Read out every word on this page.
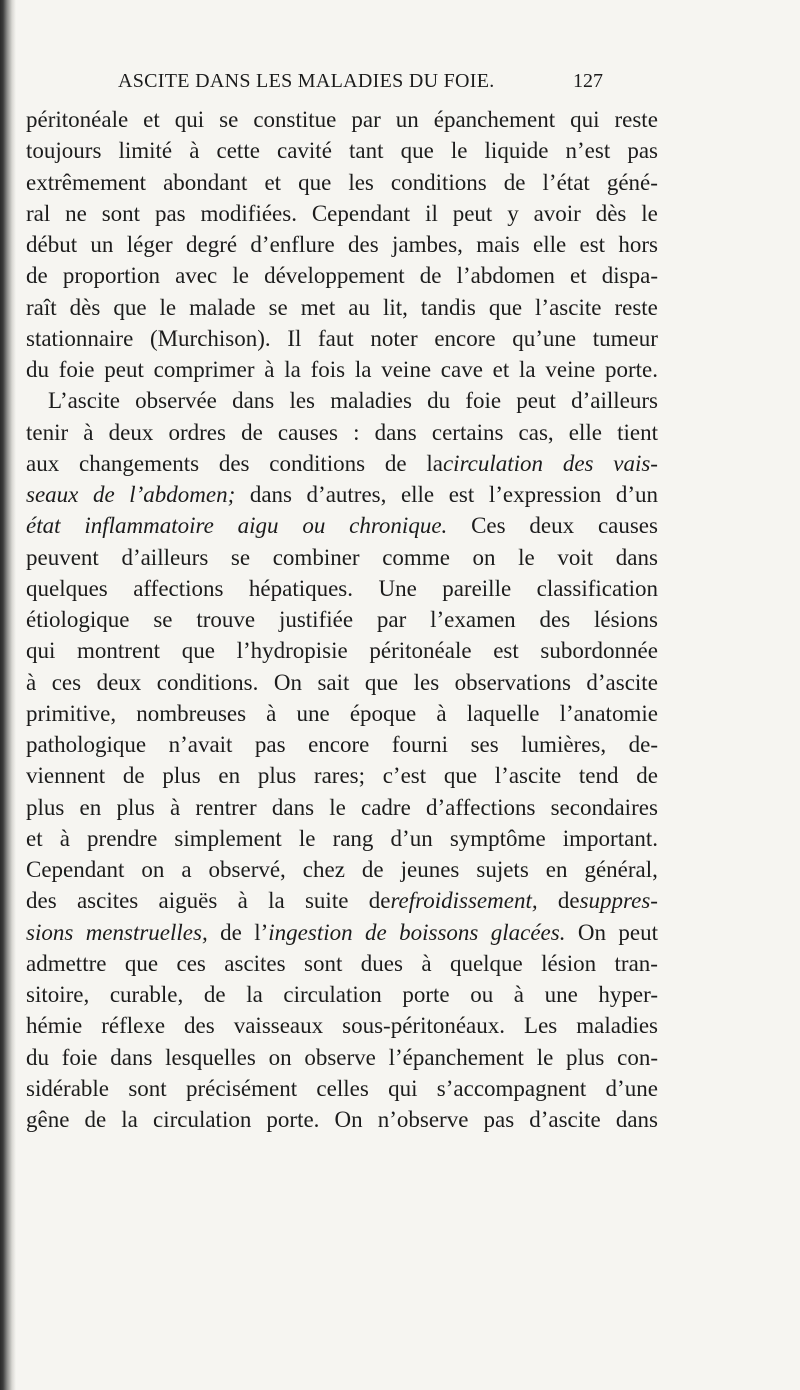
ASCITE DANS LES MALADIES DU FOIE.	127
péritonéale et qui se constitue par un épanchement qui reste
toujours limité à cette cavité tant que le liquide n’est pas
extrêmement abondant et que les conditions de l’état géné-
ral ne sont pas modifiées. Cependant il peut y avoir dès le
début un léger degré d’enflure des jambes, mais elle est hors
de proportion avec le développement de l’abdomen et dispa-
raît dès que le malade se met au lit, tandis que l’ascite reste
stationnaire (Murchison). Il faut noter encore qu’une tumeur
du foie peut comprimer à la fois la veine cave et la veine porte.
L’ascite observée dans les maladies du foie peut d’ailleurs
tenir à deux ordres de causes : dans certains cas, elle tient
aux changements des conditions de lacirculation des vais-
seaux de l’abdomen; dans d’autres, elle est l’expression d’un
état inflammatoire aigu ou chronique. Ces deux causes
peuvent d’ailleurs se combiner comme on le voit dans
quelques affections hépatiques. Une pareille classification
étiologique se trouve justifiée par l’examen des lésions
qui montrent que l’hydropisie péritonéale est subordonnée
à ces deux conditions. On sait que les observations d’ascite
primitive, nombreuses à une époque à laquelle l’anatomie
pathologique n’avait pas encore fourni ses lumières, de-
viennent de plus en plus rares; c’est que l’ascite tend de
plus en plus à rentrer dans le cadre d’affections secondaires
et à prendre simplement le rang d’un symptôme important.
Cependant on a observé, chez de jeunes sujets en général,
des ascites aiguës à la suite derefroidissement, desuppres-
sions menstruelles, de l’ingestion de boissons glacées. On peut
admettre que ces ascites sont dues à quelque lésion tran-
sitoire, curable, de la circulation porte ou à une hyper-
hémie réflexe des vaisseaux sous-péritonéaux. Les maladies
du foie dans lesquelles on observe l’épanchement le plus con-
sidérable sont précisément celles qui s’accompagnent d’une
gêne de la circulation porte. On n’observe pas d’ascite dans
